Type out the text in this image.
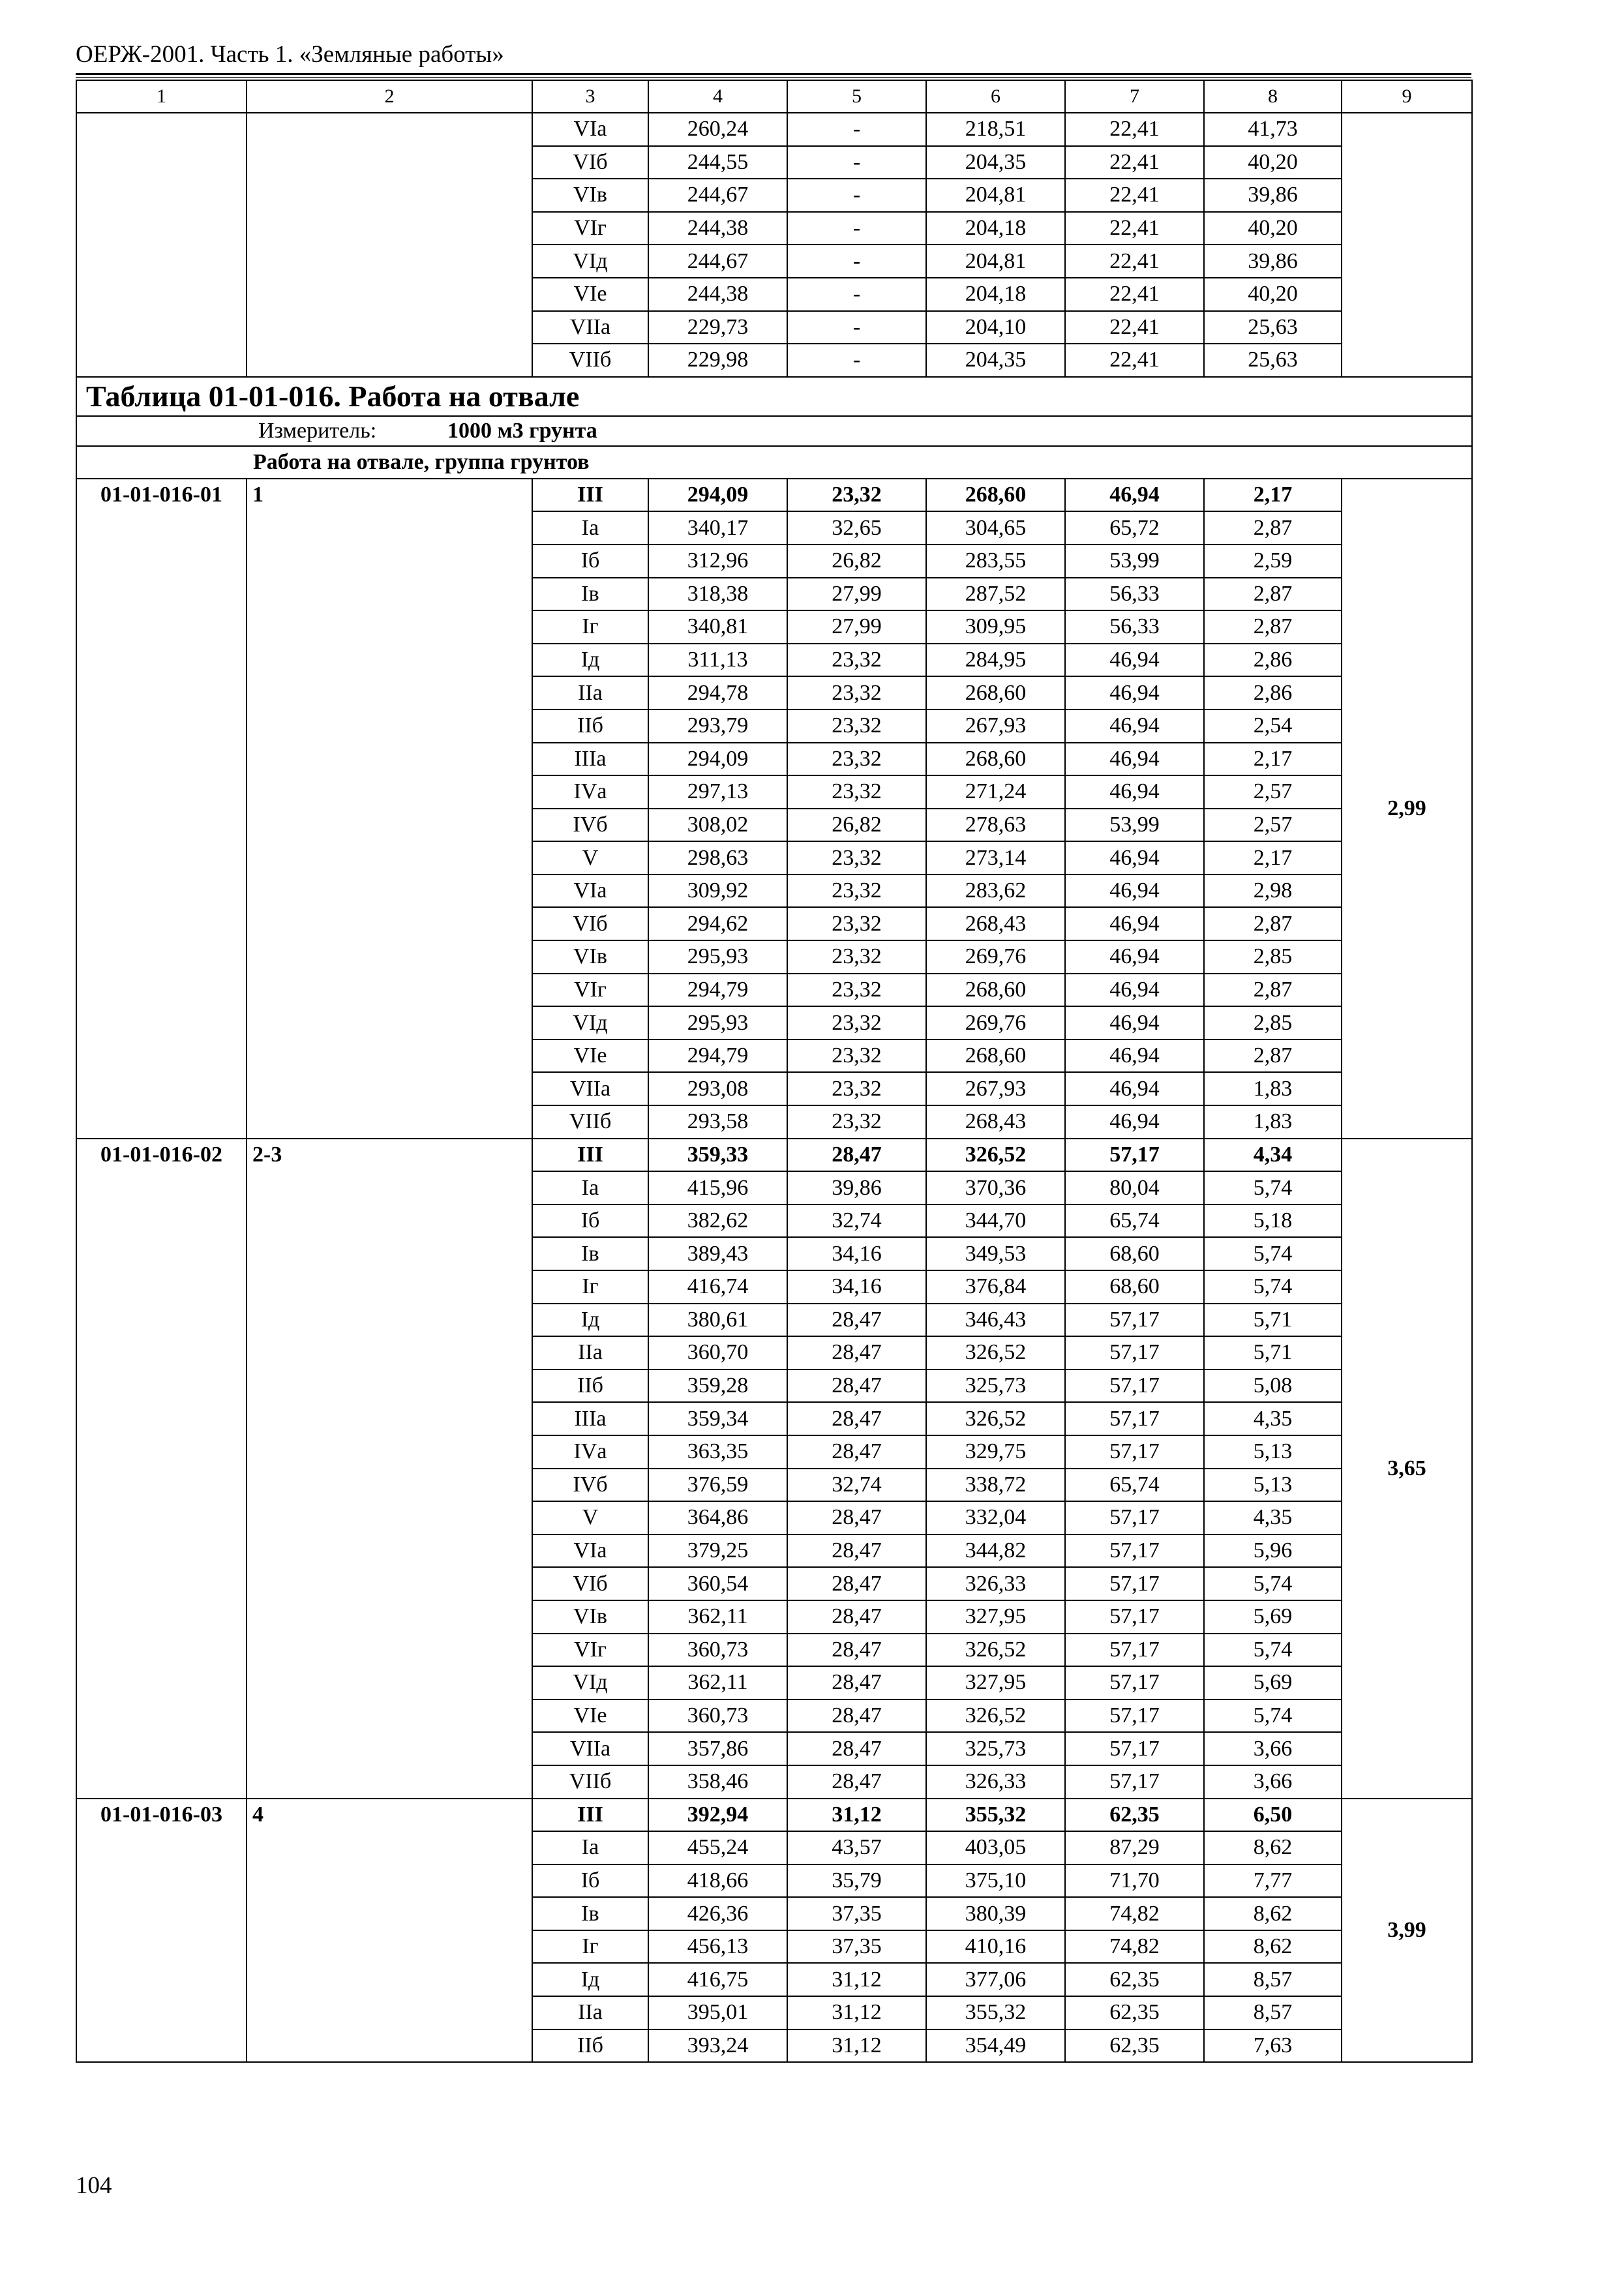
ОЕРЖ-2001. Часть 1. «Земляные работы»
1	2	3	4	5	6	7	8	9
		VIа	260,24	-	218,51	22,41	41,73	
		VIб	244,55	-	204,35	22,41	40,20	
		VIв	244,67	-	204,81	22,41	39,86	
		VIг	244,38	-	204,18	22,41	40,20	
		VIд	244,67	-	204,81	22,41	39,86	
		VIе	244,38	-	204,18	22,41	40,20	
		VIIа	229,73	-	204,10	22,41	25,63	
		VIIб	229,98	-	204,35	22,41	25,63	
Таблица 01-01-016. Работа на отвале								
Измеритель: 1000 м3 грунта								
Работа на отвале, группа грунтов								
01-01-016-01	1	III	294,09	23,32	268,60	46,94	2,17	2,99
		Iа	340,17	32,65	304,65	65,72	2,87	
		Iб	312,96	26,82	283,55	53,99	2,59	
		Iв	318,38	27,99	287,52	56,33	2,87	
		Iг	340,81	27,99	309,95	56,33	2,87	
		Iд	311,13	23,32	284,95	46,94	2,86	
		IIа	294,78	23,32	268,60	46,94	2,86	
		IIб	293,79	23,32	267,93	46,94	2,54	
		IIIа	294,09	23,32	268,60	46,94	2,17	
		IVа	297,13	23,32	271,24	46,94	2,57	
		IVб	308,02	26,82	278,63	53,99	2,57	
		V	298,63	23,32	273,14	46,94	2,17	
		VIа	309,92	23,32	283,62	46,94	2,98	
		VIб	294,62	23,32	268,43	46,94	2,87	
		VIв	295,93	23,32	269,76	46,94	2,85	
		VIг	294,79	23,32	268,60	46,94	2,87	
		VIд	295,93	23,32	269,76	46,94	2,85	
		VIе	294,79	23,32	268,60	46,94	2,87	
		VIIа	293,08	23,32	267,93	46,94	1,83	
		VIIб	293,58	23,32	268,43	46,94	1,83	
01-01-016-02	2-3	III	359,33	28,47	326,52	57,17	4,34	3,65
		Iа	415,96	39,86	370,36	80,04	5,74	
		Iб	382,62	32,74	344,70	65,74	5,18	
		Iв	389,43	34,16	349,53	68,60	5,74	
		Iг	416,74	34,16	376,84	68,60	5,74	
		Iд	380,61	28,47	346,43	57,17	5,71	
		IIа	360,70	28,47	326,52	57,17	5,71	
		IIб	359,28	28,47	325,73	57,17	5,08	
		IIIа	359,34	28,47	326,52	57,17	4,35	
		IVа	363,35	28,47	329,75	57,17	5,13	
		IVб	376,59	32,74	338,72	65,74	5,13	
		V	364,86	28,47	332,04	57,17	4,35	
		VIа	379,25	28,47	344,82	57,17	5,96	
		VIб	360,54	28,47	326,33	57,17	5,74	
		VIв	362,11	28,47	327,95	57,17	5,69	
		VIг	360,73	28,47	326,52	57,17	5,74	
		VIд	362,11	28,47	327,95	57,17	5,69	
		VIе	360,73	28,47	326,52	57,17	5,74	
		VIIа	357,86	28,47	325,73	57,17	3,66	
		VIIб	358,46	28,47	326,33	57,17	3,66	
01-01-016-03	4	III	392,94	31,12	355,32	62,35	6,50	3,99
		Iа	455,24	43,57	403,05	87,29	8,62	
		Iб	418,66	35,79	375,10	71,70	7,77	
		Iв	426,36	37,35	380,39	74,82	8,62	
		Iг	456,13	37,35	410,16	74,82	8,62	
		Iд	416,75	31,12	377,06	62,35	8,57	
		IIа	395,01	31,12	355,32	62,35	8,57	
		IIб	393,24	31,12	354,49	62,35	7,63	
104
